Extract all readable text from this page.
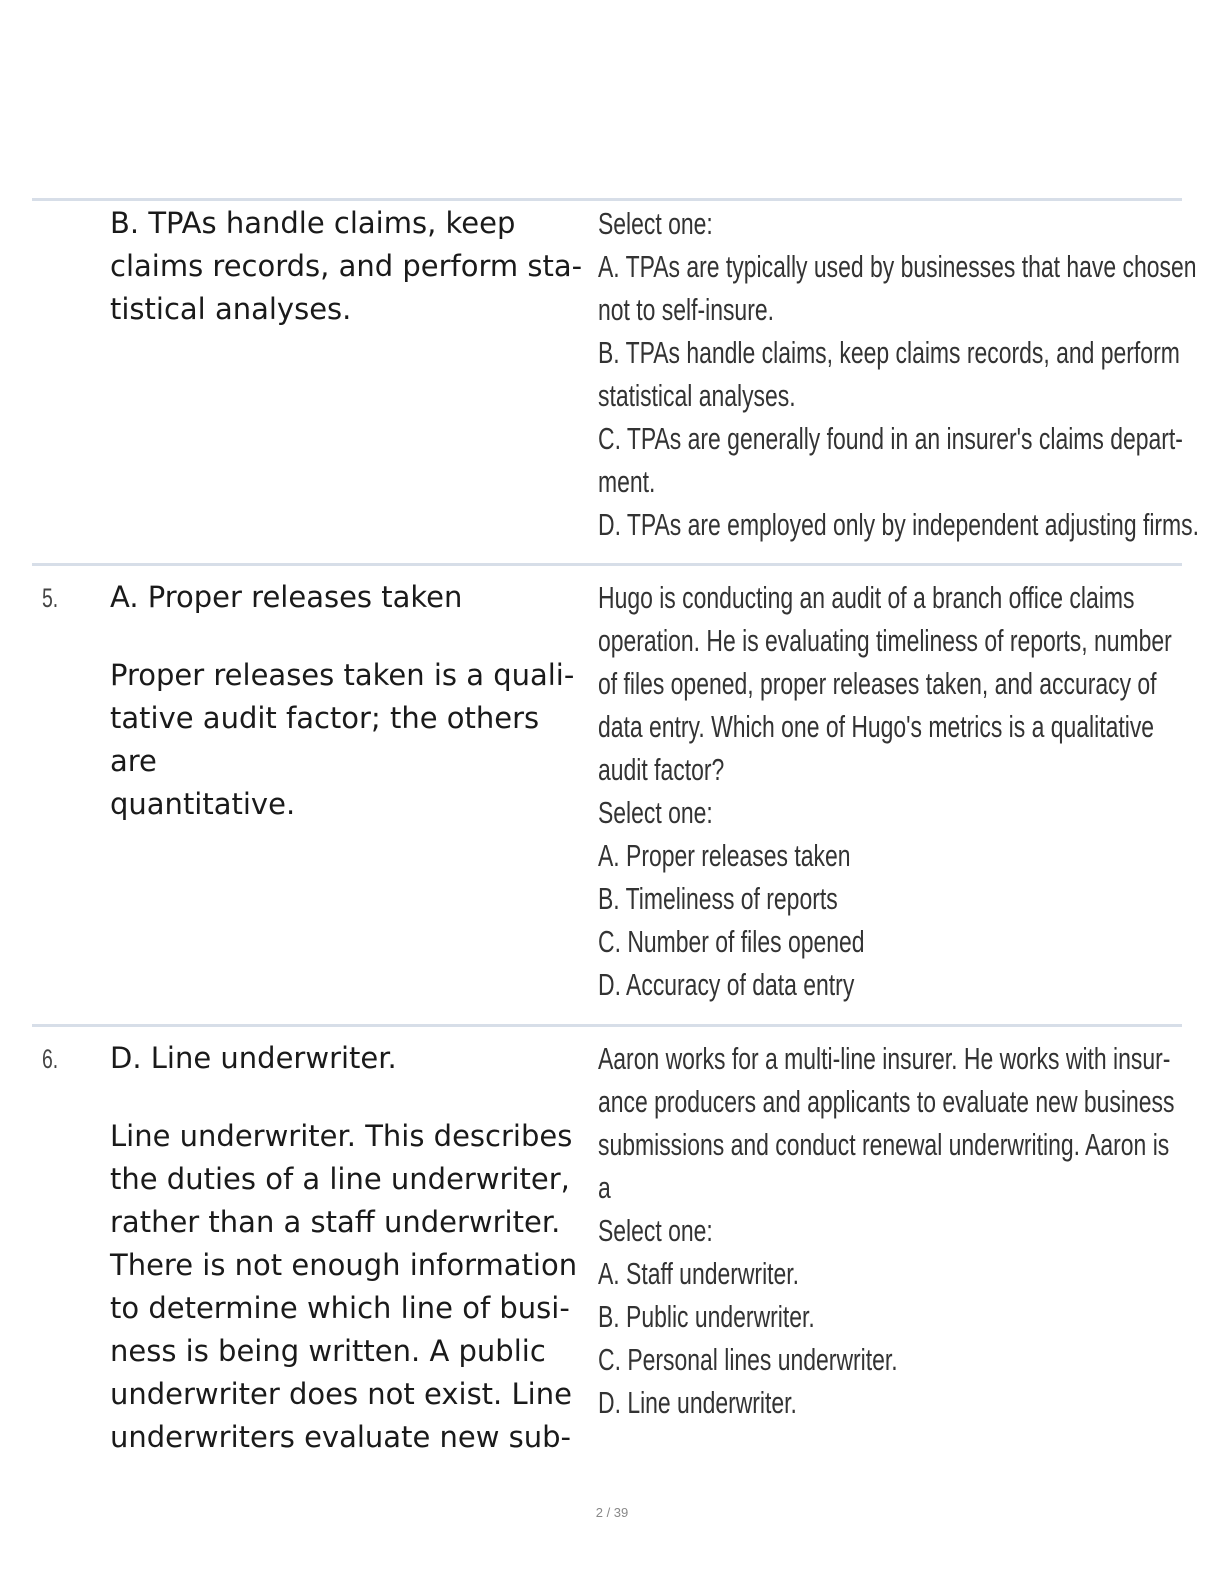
B. TPAs handle claims, keep
claims records, and perform sta-
tistical analyses.

Select one:
A. TPAs are typically used by businesses that have chosen
not to self-insure.
B. TPAs handle claims, keep claims records, and perform
statistical analyses.
C. TPAs are generally found in an insurer's claims depart-
ment.
D. TPAs are employed only by independent adjusting firms.
5.	A. Proper releases taken

Proper releases taken is a quali-
tative audit factor; the others are
quantitative.

Hugo is conducting an audit of a branch office claims
operation. He is evaluating timeliness of reports, number
of files opened, proper releases taken, and accuracy of
data entry. Which one of Hugo's metrics is a qualitative
audit factor?
Select one:
A. Proper releases taken
B. Timeliness of reports
C. Number of files opened
D. Accuracy of data entry
6.	D. Line underwriter.

Line underwriter. This describes
the duties of a line underwriter,
rather than a staff underwriter.
There is not enough information
to determine which line of busi-
ness is being written. A public
underwriter does not exist. Line
underwriters evaluate new sub-

Aaron works for a multi-line insurer. He works with insur-
ance producers and applicants to evaluate new business
submissions and conduct renewal underwriting. Aaron is
a
Select one:
A. Staff underwriter.
B. Public underwriter.
C. Personal lines underwriter.
D. Line underwriter.
2 / 39
